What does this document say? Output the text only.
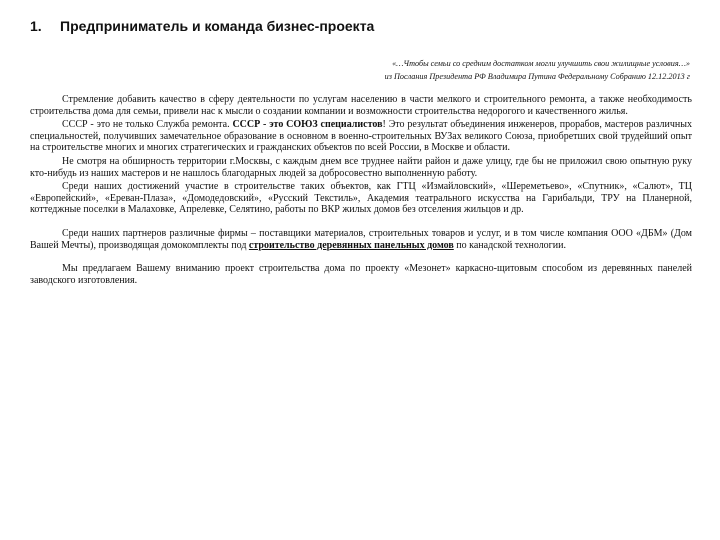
1.	Предприниматель и команда бизнес-проекта
«…Чтобы семьи со средним достатком могли улучшить свои жилищные условия…»
из Послания Президента РФ Владимира Путина Федеральному Собранию 12.12.2013 г

Стремление добавить качество в сферу деятельности по услугам населению в части мелкого и строительного ремонта, а также необходимость строительства дома для семьи, привели нас к мысли о создании компании и возможности строительства недорогого и качественного жилья.

СССР - это не только Служба ремонта. СССР - это СОЮЗ специалистов! Это результат объединения инженеров, прорабов, мастеров различных специальностей, получивших замечательное образование в основном в военно-строительных ВУЗах великого Союза, приобретших свой трудейший опыт на строительстве многих и многих стратегических и гражданских объектов по всей России, в Москве и области.

Не смотря на обширность территории г.Москвы, с каждым днем все труднее найти район и даже улицу, где бы не приложил свою опытную руку кто-нибудь из наших мастеров и не нашлось благодарных людей за добросовестно выполненную работу.

Среди наших достижений участие в строительстве таких объектов, как ГТЦ «Измайловский», «Шереметьево», «Спутник», «Салют», ТЦ «Европейский», «Ереван-Плаза», «Домодедовский», «Русский Текстиль», Академия театрального искусства на Гарибальди, ТРУ на Планерной, коттеджные поселки в Малаховке, Апрелевке, Селятино, работы по ВКР жилых домов без отселения жильцов и др.

Среди наших партнеров различные фирмы – поставщики материалов, строительных товаров и услуг, и в том числе компания ООО «ДБМ» (Дом Вашей Мечты), производящая домокомплекты под строительство деревянных панельных домов по канадской технологии.

Мы предлагаем Вашему вниманию проект строительства дома по проекту «Мезонет» каркасно-щитовым способом из деревянных панелей заводского изготовления.
